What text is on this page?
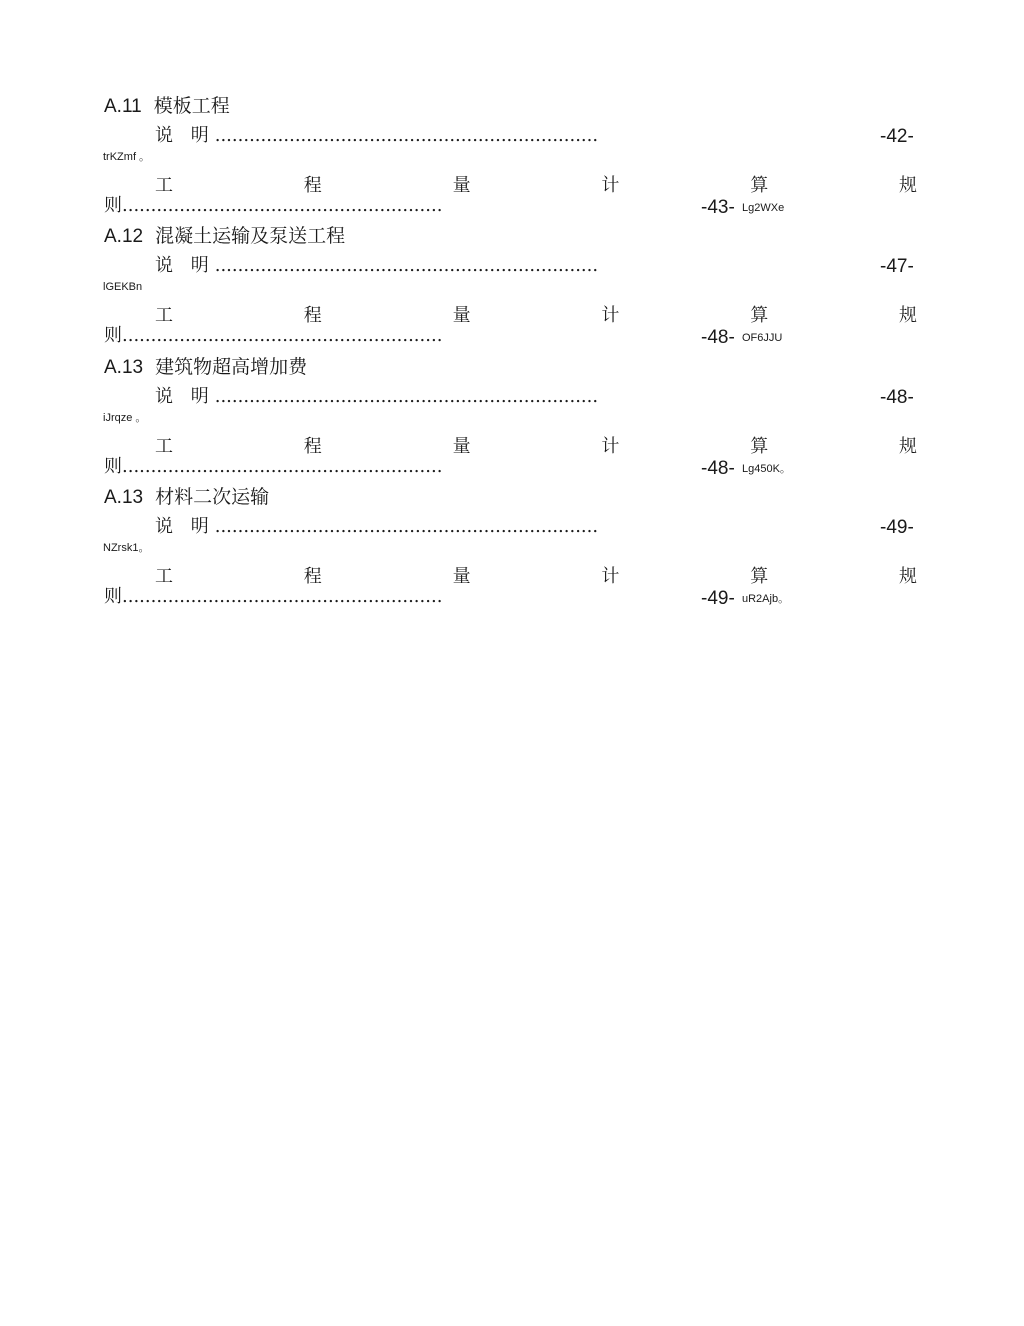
A.11 模板工程
说 明...................................................................	-42-
trKZmf 。
工	程	量	计	算	规
则........................................................	-43- Lg2WXe
A.12 混凝土运输及泵送工程
说 明...................................................................	-47-
lGEKBn
工	程	量	计	算	规
则........................................................	-48- OF6JJU
A.13 建筑物超高增加费
说 明...................................................................	-48-
iJrqze 。
工	程	量	计	算	规
则........................................................	-48- Lg450K。
A.13 材料二次运输
说 明...................................................................	-49-
NZrsk1。
工	程	量	计	算	规
则........................................................	-49- uR2Ajb。
